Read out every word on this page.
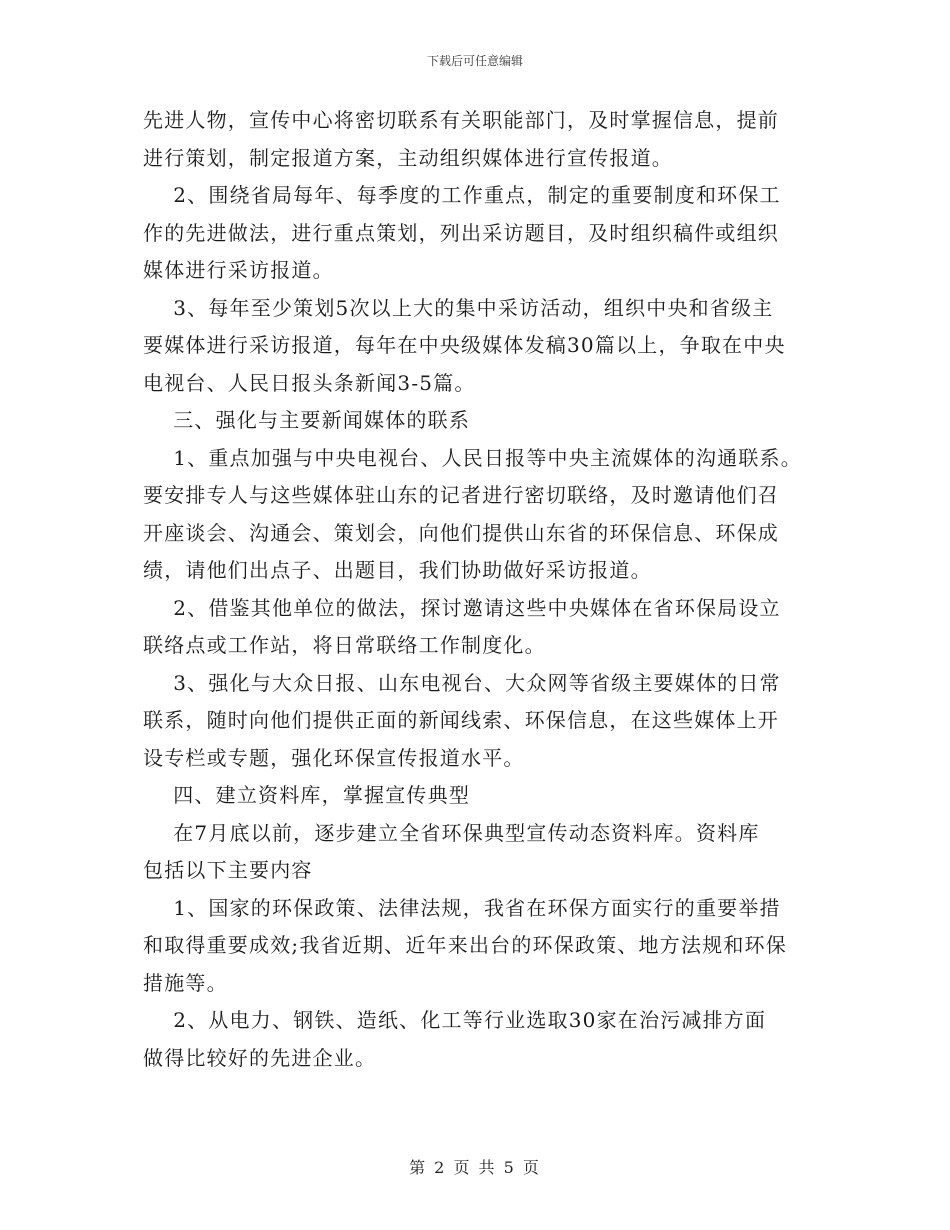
下载后可任意编辑
先进人物，宣传中心将密切联系有关职能部门，及时掌握信息，提前
进行策划，制定报道方案，主动组织媒体进行宣传报道。
2、围绕省局每年、每季度的工作重点，制定的重要制度和环保工
作的先进做法，进行重点策划，列出采访题目，及时组织稿件或组织
媒体进行采访报道。
3、每年至少策划5次以上大的集中采访活动，组织中央和省级主
要媒体进行采访报道，每年在中央级媒体发稿30篇以上，争取在中央
电视台、人民日报头条新闻3-5篇。
三、强化与主要新闻媒体的联系
1、重点加强与中央电视台、人民日报等中央主流媒体的沟通联系。
要安排专人与这些媒体驻山东的记者进行密切联络，及时邀请他们召
开座谈会、沟通会、策划会，向他们提供山东省的环保信息、环保成
绩，请他们出点子、出题目，我们协助做好采访报道。
2、借鉴其他单位的做法，探讨邀请这些中央媒体在省环保局设立
联络点或工作站，将日常联络工作制度化。
3、强化与大众日报、山东电视台、大众网等省级主要媒体的日常
联系，随时向他们提供正面的新闻线索、环保信息，在这些媒体上开
设专栏或专题，强化环保宣传报道水平。
四、建立资料库，掌握宣传典型
在7月底以前，逐步建立全省环保典型宣传动态资料库。资料库
包括以下主要内容
1、国家的环保政策、法律法规，我省在环保方面实行的重要举措
和取得重要成效;我省近期、近年来出台的环保政策、地方法规和环保
措施等。
2、从电力、钢铁、造纸、化工等行业选取30家在治污减排方面
做得比较好的先进企业。
第 2 页 共 5 页
